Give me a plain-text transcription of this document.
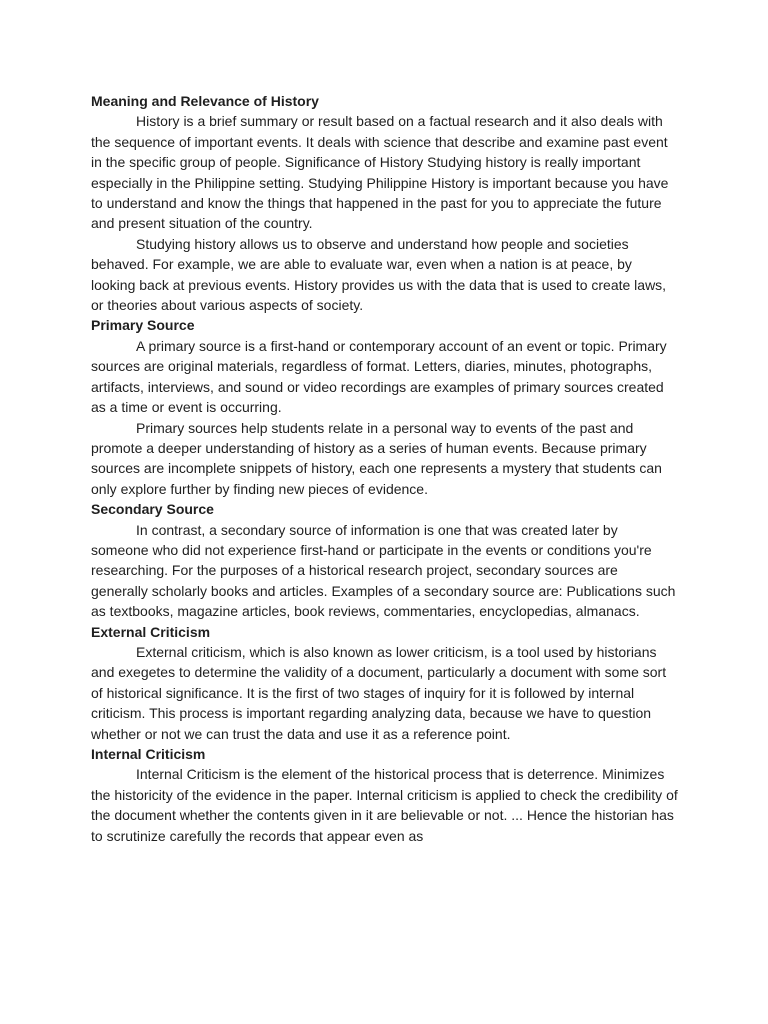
Meaning and Relevance of History

History is a brief summary or result based on a factual research and it also deals with the sequence of important events. It deals with science that describe and examine past event in the specific group of people. Significance of History Studying history is really important especially in the Philippine setting. Studying Philippine History is important because you have to understand and know the things that happened in the past for you to appreciate the future and present situation of the country.

Studying history allows us to observe and understand how people and societies behaved. For example, we are able to evaluate war, even when a nation is at peace, by looking back at previous events. History provides us with the data that is used to create laws, or theories about various aspects of society.

Primary Source

A primary source is a first-hand or contemporary account of an event or topic. Primary sources are original materials, regardless of format. Letters, diaries, minutes, photographs, artifacts, interviews, and sound or video recordings are examples of primary sources created as a time or event is occurring.

Primary sources help students relate in a personal way to events of the past and promote a deeper understanding of history as a series of human events. Because primary sources are incomplete snippets of history, each one represents a mystery that students can only explore further by finding new pieces of evidence.

Secondary Source

In contrast, a secondary source of information is one that was created later by someone who did not experience first-hand or participate in the events or conditions you're researching. For the purposes of a historical research project, secondary sources are generally scholarly books and articles. Examples of a secondary source are: Publications such as textbooks, magazine articles, book reviews, commentaries, encyclopedias, almanacs.

External Criticism

External criticism, which is also known as lower criticism, is a tool used by historians and exegetes to determine the validity of a document, particularly a document with some sort of historical significance. It is the first of two stages of inquiry for it is followed by internal criticism. This process is important regarding analyzing data, because we have to question whether or not we can trust the data and use it as a reference point.

Internal Criticism

Internal Criticism is the element of the historical process that is deterrence. Minimizes the historicity of the evidence in the paper. Internal criticism is applied to check the credibility of the document whether the contents given in it are believable or not. ... Hence the historian has to scrutinize carefully the records that appear even as
